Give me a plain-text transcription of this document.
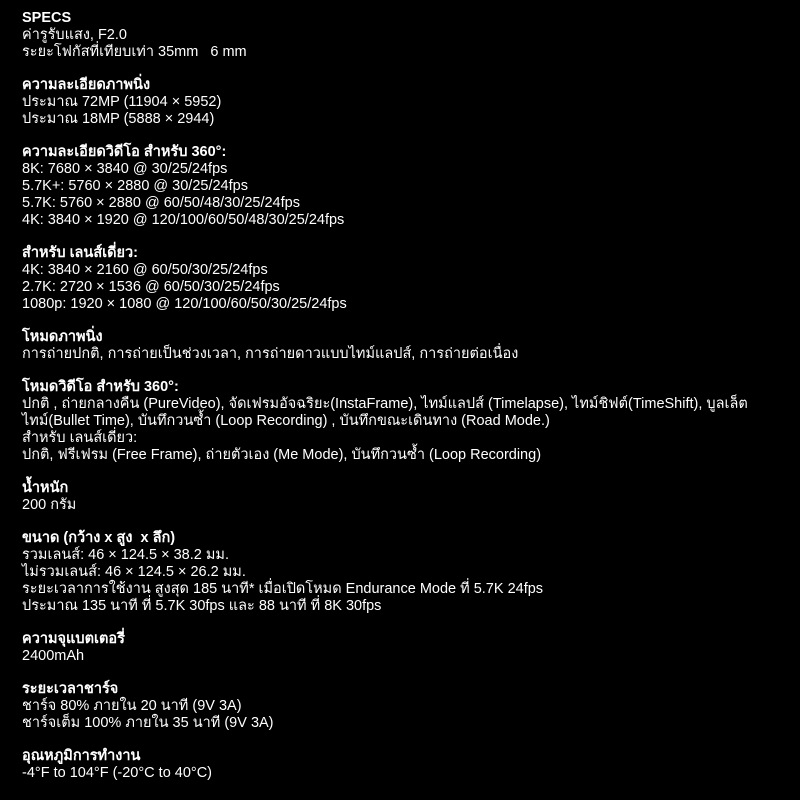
SPECS
ค่ารูรับแสง, F2.0
ระยะโฟกัสที่เทียบเท่า 35mm   6 mm
ความละเอียดภาพนิ่ง
ประมาณ 72MP (11904 × 5952)
ประมาณ 18MP (5888 × 2944)
ความละเอียดวิดีโอ สำหรับ 360°:
8K: 7680 × 3840 @ 30/25/24fps
5.7K+: 5760 × 2880 @ 30/25/24fps
5.7K: 5760 × 2880 @ 60/50/48/30/25/24fps
4K: 3840 × 1920 @ 120/100/60/50/48/30/25/24fps
สำหรับ เลนส์เดี่ยว:
4K: 3840 × 2160 @ 60/50/30/25/24fps
2.7K: 2720 × 1536 @ 60/50/30/25/24fps
1080p: 1920 × 1080 @ 120/100/60/50/30/25/24fps
โหมดภาพนิ่ง
การถ่ายปกติ, การถ่ายเป็นช่วงเวลา, การถ่ายดาวแบบไทม์แลปส์, การถ่ายต่อเนื่อง
โหมดวิดีโอ สำหรับ 360°:
ปกติ , ถ่ายกลางคืน (PureVideo), จัดเฟรมอัจฉริยะ(InstaFrame), ไทม์แลปส์ (Timelapse), ไทม์ชิฟต์(TimeShift), บูลเล็ตไทม์(Bullet Time), บันทึกวนซ้ำ (Loop Recording) , บันทึกขณะเดินทาง (Road Mode.)
สำหรับ เลนส์เดี่ยว:
ปกติ, ฟรีเฟรม (Free Frame), ถ่ายตัวเอง (Me Mode), บันทึกวนซ้ำ (Loop Recording)
น้ำหนัก
200 กรัม
ขนาด (กว้าง x สูง  x ลึก)
รวมเลนส์: 46 × 124.5 × 38.2 มม.
ไม่รวมเลนส์: 46 × 124.5 × 26.2 มม.
ระยะเวลาการใช้งาน สูงสุด 185 นาที* เมื่อเปิดโหมด Endurance Mode ที่ 5.7K 24fps
ประมาณ 135 นาที ที่ 5.7K 30fps และ 88 นาที ที่ 8K 30fps
ความจุแบตเตอรี่
2400mAh
ระยะเวลาชาร์จ
ชาร์จ 80% ภายใน 20 นาที (9V 3A)
ชาร์จเต็ม 100% ภายใน 35 นาที (9V 3A)
อุณหภูมิการทำงาน
-4°F to 104°F (-20°C to 40°C)
